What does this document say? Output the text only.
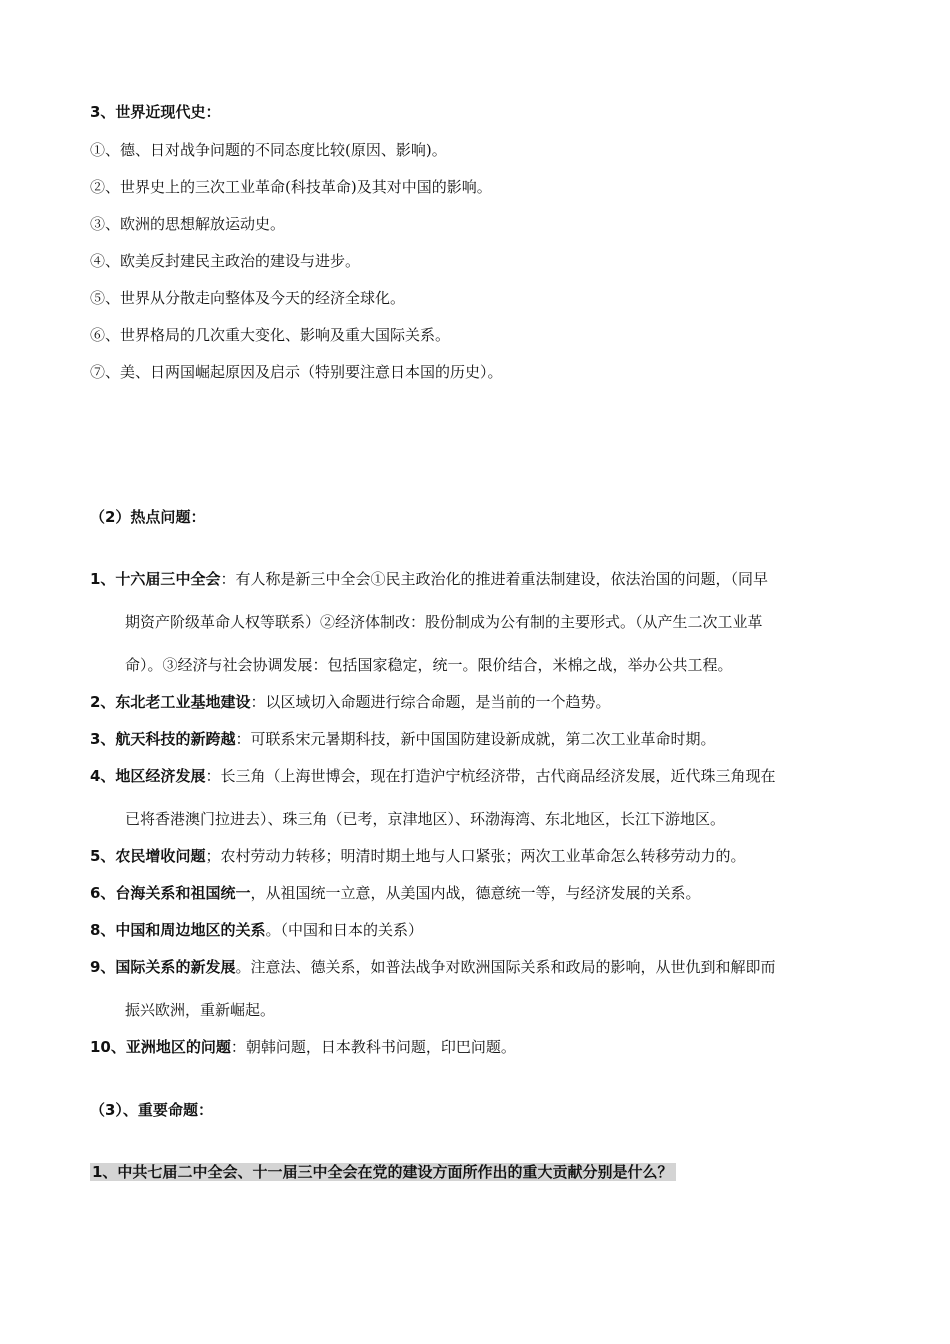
3、世界近现代史：
①、德、日对战争问题的不同态度比较(原因、影响)。
②、世界史上的三次工业革命(科技革命)及其对中国的影响。
③、欧洲的思想解放运动史。
④、欧美反封建民主政治的建设与进步。
⑤、世界从分散走向整体及今天的经济全球化。
⑥、世界格局的几次重大变化、影响及重大国际关系。
⑦、美、日两国崛起原因及启示（特别要注意日本国的历史）。
（2）热点问题：
1、十六届三中全会：有人称是新三中全会①民主政治化的推进着重法制建设，依法治国的问题，（同早
期资产阶级革命人权等联系）②经济体制改：股份制成为公有制的主要形式。（从产生二次工业革
命）。③经济与社会协调发展：包括国家稳定，统一。限价结合，米棉之战，举办公共工程。
2、东北老工业基地建设：以区域切入命题进行综合命题，是当前的一个趋势。
3、航天科技的新跨越：可联系宋元暑期科技，新中国国防建设新成就，第二次工业革命时期。
4、地区经济发展：长三角（上海世博会，现在打造沪宁杭经济带，古代商品经济发展，近代珠三角现在
已将香港澳门拉进去）、珠三角（已考，京津地区）、环渤海湾、东北地区，长江下游地区。
5、农民增收问题；农村劳动力转移；明清时期土地与人口紧张；两次工业革命怎么转移劳动力的。
6、台海关系和祖国统一，从祖国统一立意，从美国内战，德意统一等，与经济发展的关系。
8、中国和周边地区的关系。（中国和日本的关系）
9、国际关系的新发展。注意法、德关系，如普法战争对欧洲国际关系和政局的影响，从世仇到和解即而
振兴欧洲，重新崛起。
10、亚洲地区的问题：朝韩问题，日本教科书问题，印巴问题。
（3）、重要命题：
1、中共七届二中全会、十一届三中全会在党的建设方面所作出的重大贡献分别是什么？
